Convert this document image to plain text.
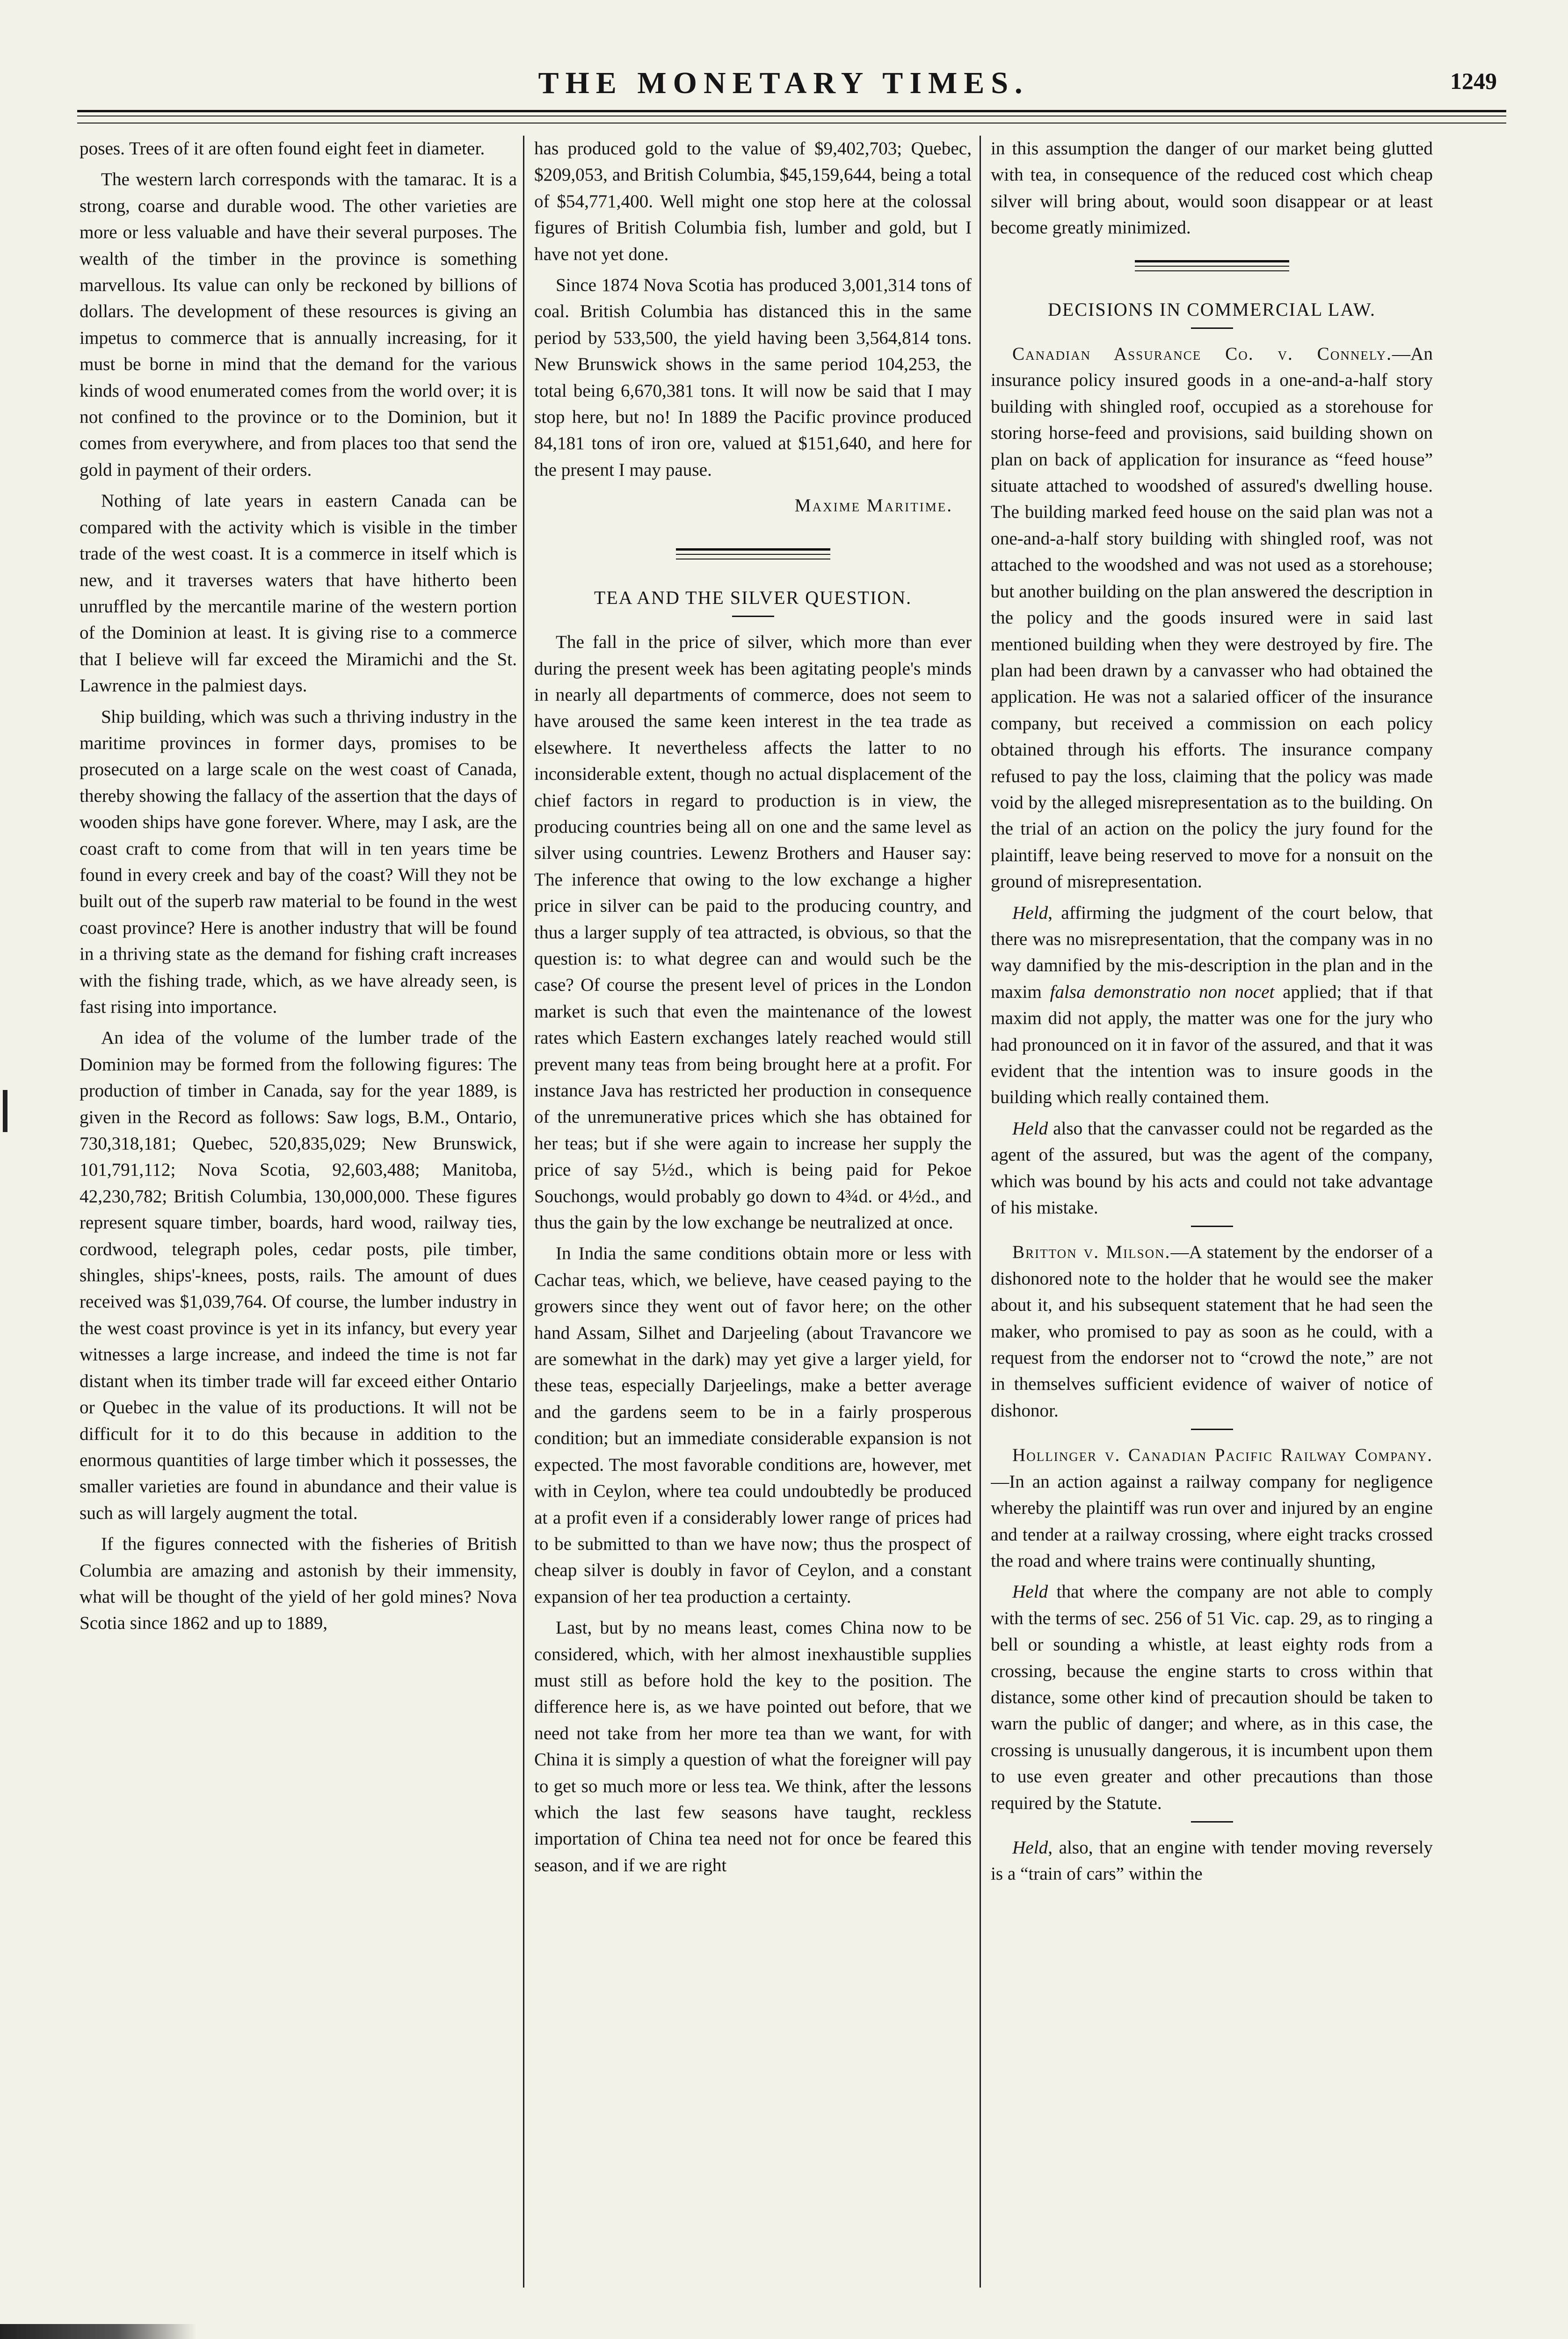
THE MONETARY TIMES.	1249

poses. Trees of it are often found eight feet in diameter.

The western larch corresponds with the tamarac. It is a strong, coarse and durable wood. The other varieties are more or less valuable and have their several purposes. The wealth of the timber in the province is something marvellous. Its value can only be reckoned by billions of dollars. The development of these resources is giving an impetus to commerce that is annually increasing, for it must be borne in mind that the demand for the various kinds of wood enumerated comes from the world over; it is not confined to the province or to the Dominion, but it comes from everywhere, and from places too that send the gold in payment of their orders.

Nothing of late years in eastern Canada can be compared with the activity which is visible in the timber trade of the west coast. It is a commerce in itself which is new, and it traverses waters that have hitherto been unruffled by the mercantile marine of the western portion of the Dominion at least. It is giving rise to a commerce that I believe will far exceed the Miramichi and the St. Lawrence in the palmiest days.

Ship building, which was such a thriving industry in the maritime provinces in former days, promises to be prosecuted on a large scale on the west coast of Canada, thereby showing the fallacy of the assertion that the days of wooden ships have gone forever. Where, may I ask, are the coast craft to come from that will in ten years time be found in every creek and bay of the coast? Will they not be built out of the superb raw material to be found in the west coast province? Here is another industry that will be found in a thriving state as the demand for fishing craft increases with the fishing trade, which, as we have already seen, is fast rising into importance.

An idea of the volume of the lumber trade of the Dominion may be formed from the following figures: The production of timber in Canada, say for the year 1889, is given in the Record as follows: Saw logs, B.M., Ontario, 730,318,181; Quebec, 520,835,029; New Brunswick, 101,791,112; Nova Scotia, 92,603,488; Manitoba, 42,230,782; British Columbia, 130,000,000. These figures represent square timber, boards, hard wood, railway ties, cordwood, telegraph poles, cedar posts, pile timber, shingles, ships'-knees, posts, rails. The amount of dues received was $1,039,764. Of course, the lumber industry in the west coast province is yet in its infancy, but every year witnesses a large increase, and indeed the time is not far distant when its timber trade will far exceed either Ontario or Quebec in the value of its productions. It will not be difficult for it to do this because in addition to the enormous quantities of large timber which it possesses, the smaller varieties are found in abundance and their value is such as will largely augment the total.

If the figures connected with the fisheries of British Columbia are amazing and astonish by their immensity, what will be thought of the yield of her gold mines? Nova Scotia since 1862 and up to 1889,

has produced gold to the value of $9,402,703; Quebec, $209,053, and British Columbia, $45,159,644, being a total of $54,771,400. Well might one stop here at the colossal figures of British Columbia fish, lumber and gold, but I have not yet done.

Since 1874 Nova Scotia has produced 3,001,314 tons of coal. British Columbia has distanced this in the same period by 533,500, the yield having been 3,564,814 tons. New Brunswick shows in the same period 104,253, the total being 6,670,381 tons. It will now be said that I may stop here, but no! In 1889 the Pacific province produced 84,181 tons of iron ore, valued at $151,640, and here for the present I may pause.

Maxime Maritime.

TEA AND THE SILVER QUESTION.

The fall in the price of silver, which more than ever during the present week has been agitating people's minds in nearly all departments of commerce, does not seem to have aroused the same keen interest in the tea trade as elsewhere. It nevertheless affects the latter to no inconsiderable extent, though no actual displacement of the chief factors in regard to production is in view, the producing countries being all on one and the same level as silver using countries. Lewenz Brothers and Hauser say: The inference that owing to the low exchange a higher price in silver can be paid to the producing country, and thus a larger supply of tea attracted, is obvious, so that the question is: to what degree can and would such be the case? Of course the present level of prices in the London market is such that even the maintenance of the lowest rates which Eastern exchanges lately reached would still prevent many teas from being brought here at a profit. For instance Java has restricted her production in consequence of the unremunerative prices which she has obtained for her teas; but if she were again to increase her supply the price of say 5½d., which is being paid for Pekoe Souchongs, would probably go down to 4¾d. or 4½d., and thus the gain by the low exchange be neutralized at once.

In India the same conditions obtain more or less with Cachar teas, which, we believe, have ceased paying to the growers since they went out of favor here; on the other hand Assam, Silhet and Darjeeling (about Travancore we are somewhat in the dark) may yet give a larger yield, for these teas, especially Darjeelings, make a better average and the gardens seem to be in a fairly prosperous condition; but an immediate considerable expansion is not expected. The most favorable conditions are, however, met with in Ceylon, where tea could undoubtedly be produced at a profit even if a considerably lower range of prices had to be submitted to than we have now; thus the prospect of cheap silver is doubly in favor of Ceylon, and a constant expansion of her tea production a certainty.

Last, but by no means least, comes China now to be considered, which, with her almost inexhaustible supplies must still as before hold the key to the position. The difference here is, as we have pointed out before, that we need not take from her more tea than we want, for with China it is simply a question of what the foreigner will pay to get so much more or less tea. We think, after the lessons which the last few seasons have taught, reckless importation of China tea need not for once be feared this season, and if we are right

in this assumption the danger of our market being glutted with tea, in consequence of the reduced cost which cheap silver will bring about, would soon disappear or at least become greatly minimized.

DECISIONS IN COMMERCIAL LAW.

Canadian Assurance Co. v. Connely.—An insurance policy insured goods in a one-and-a-half story building with shingled roof, occupied as a storehouse for storing horse-feed and provisions, said building shown on plan on back of application for insurance as “feed house” situate attached to woodshed of assured's dwelling house. The building marked feed house on the said plan was not a one-and-a-half story building with shingled roof, was not attached to the woodshed and was not used as a storehouse; but another building on the plan answered the description in the policy and the goods insured were in said last mentioned building when they were destroyed by fire. The plan had been drawn by a canvasser who had obtained the application. He was not a salaried officer of the insurance company, but received a commission on each policy obtained through his efforts. The insurance company refused to pay the loss, claiming that the policy was made void by the alleged misrepresentation as to the building. On the trial of an action on the policy the jury found for the plaintiff, leave being reserved to move for a nonsuit on the ground of misrepresentation.

Held, affirming the judgment of the court below, that there was no misrepresentation, that the company was in no way damnified by the mis-description in the plan and in the maxim falsa demonstratio non nocet applied; that if that maxim did not apply, the matter was one for the jury who had pronounced on it in favor of the assured, and that it was evident that the intention was to insure goods in the building which really contained them.

Held also that the canvasser could not be regarded as the agent of the assured, but was the agent of the company, which was bound by his acts and could not take advantage of his mistake.

Britton v. Milson.—A statement by the endorser of a dishonored note to the holder that he would see the maker about it, and his subsequent statement that he had seen the maker, who promised to pay as soon as he could, with a request from the endorser not to “crowd the note,” are not in themselves sufficient evidence of waiver of notice of dishonor.

Hollinger v. Canadian Pacific Railway Company.—In an action against a railway company for negligence whereby the plaintiff was run over and injured by an engine and tender at a railway crossing, where eight tracks crossed the road and where trains were continually shunting,

Held that where the company are not able to comply with the terms of sec. 256 of 51 Vic. cap. 29, as to ringing a bell or sounding a whistle, at least eighty rods from a crossing, because the engine starts to cross within that distance, some other kind of precaution should be taken to warn the public of danger; and where, as in this case, the crossing is unusually dangerous, it is incumbent upon them to use even greater and other precautions than those required by the Statute.

Held, also, that an engine with tender moving reversely is a “train of cars” within the
